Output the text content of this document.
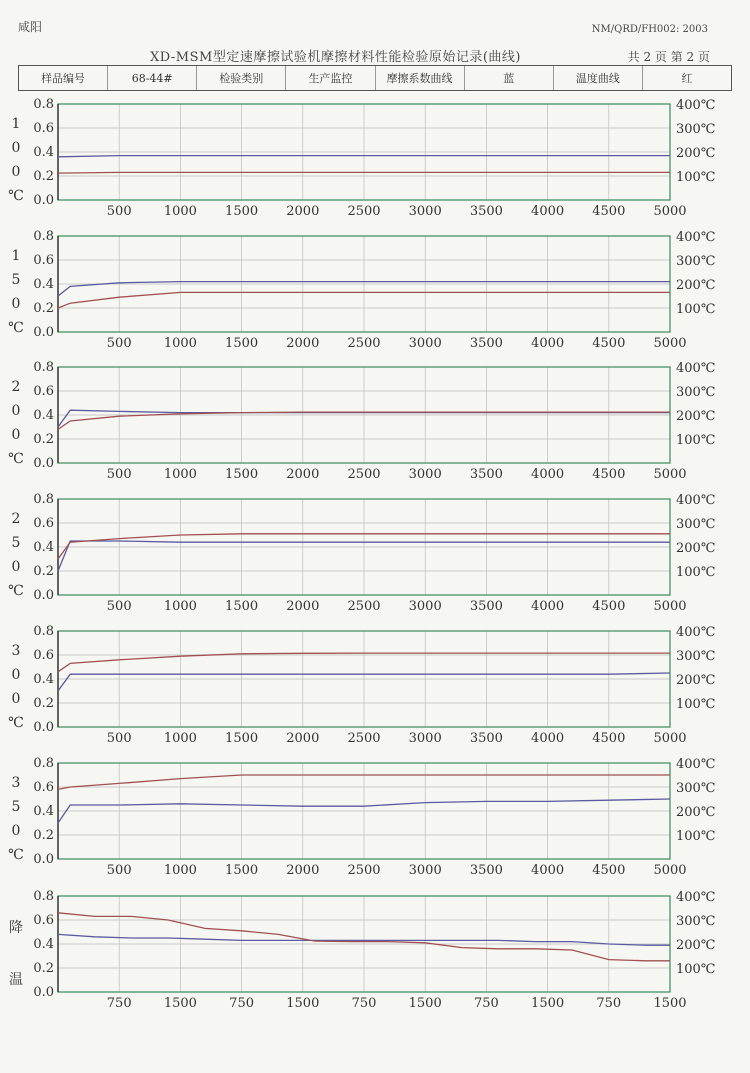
咸阳	NM/QRD/FH002: 2003
XD-MSM型定速摩擦试验机摩擦材料性能检验原始记录(曲线)	共 2 页 第 2 页
样品编号	68-44#	检验类别	生产监控	摩擦系数曲线	蓝	温度曲线	红
0.0
0.2
0.4
0.6
0.8
100℃
200℃
300℃
400℃
500 1000 1500 2000 2500 3000 3500 4000 4500 5000
1
0
0
℃
0.0
0.2
0.4
0.6
0.8
100℃
200℃
300℃
400℃
500 1000 1500 2000 2500 3000 3500 4000 4500 5000
1
5
0
℃
0.0
0.2
0.4
0.6
0.8
100℃
200℃
300℃
400℃
500 1000 1500 2000 2500 3000 3500 4000 4500 5000
2
0
0
℃
0.0
0.2
0.4
0.6
0.8
100℃
200℃
300℃
400℃
500 1000 1500 2000 2500 3000 3500 4000 4500 5000
2
5
0
℃
0.0
0.2
0.4
0.6
0.8
100℃
200℃
300℃
400℃
500 1000 1500 2000 2500 3000 3500 4000 4500 5000
3
0
0
℃
0.0
0.2
0.4
0.6
0.8
100℃
200℃
300℃
400℃
500 1000 1500 2000 2500 3000 3500 4000 4500 5000
3
5
0
℃
0.0
0.2
0.4
0.6
0.8
100℃
200℃
300℃
400℃
750 1500 750 1500 750 1500 750 1500 750 1500
降
温
